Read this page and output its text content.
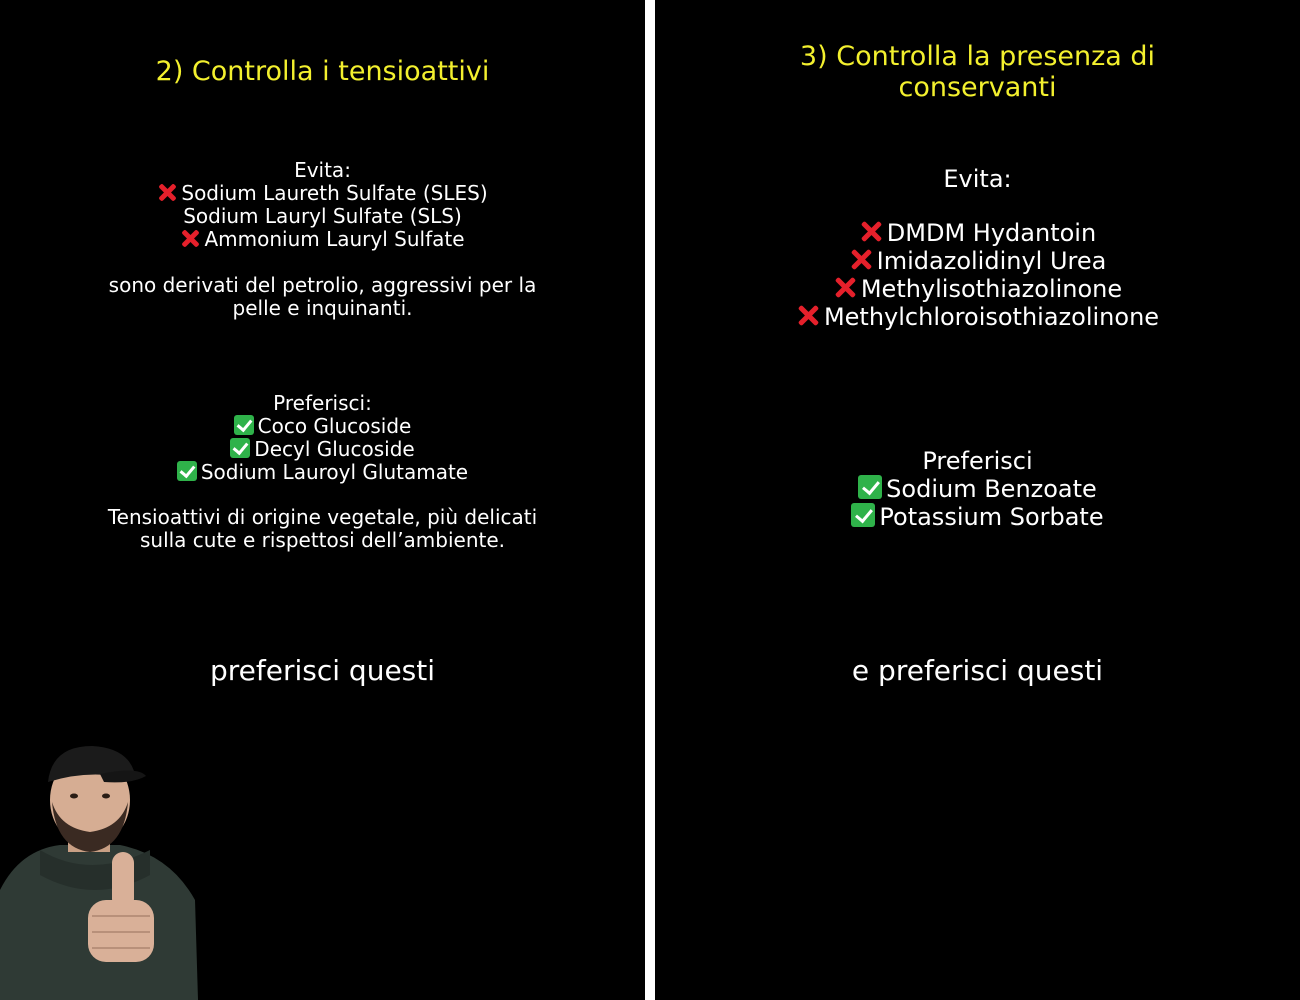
2) Controlla i tensioattivi
Evita:
Sodium Laureth Sulfate (SLES)
Sodium Lauryl Sulfate (SLS)
Ammonium Lauryl Sulfate
sono derivati del petrolio, aggressivi per la
pelle e inquinanti.
Preferisci:
Coco Glucoside
Decyl Glucoside
Sodium Lauroyl Glutamate
Tensioattivi di origine vegetale, più delicati
sulla cute e rispettosi dell’ambiente.
preferisci questi
3) Controlla la presenza di
conservanti
Evita:
DMDM Hydantoin
Imidazolidinyl Urea
Methylisothiazolinone
Methylchloroisothiazolinone
Preferisci
Sodium Benzoate
Potassium Sorbate
e preferisci questi
